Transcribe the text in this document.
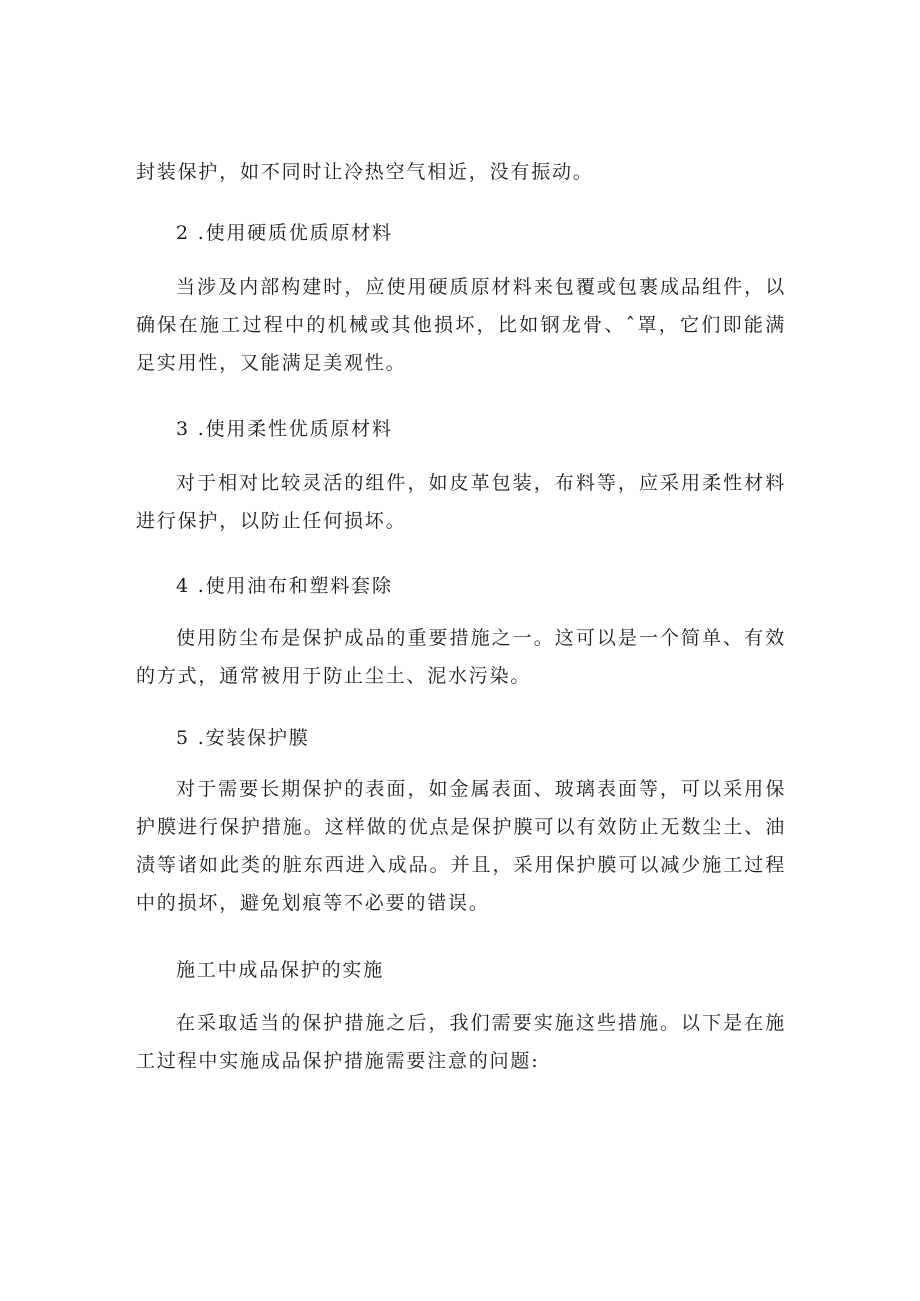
封装保护，如不同时让冷热空气相近，没有振动。

2 .使用硬质优质原材料

当涉及内部构建时，应使用硬质原材料来包覆或包裹成品组件，以确保在施工过程中的机械或其他损坏，比如钢龙骨、ˆ罩，它们即能满足实用性，又能满足美观性。

3 .使用柔性优质原材料

对于相对比较灵活的组件，如皮革包装，布料等，应采用柔性材料进行保护，以防止任何损坏。

4 .使用油布和塑料套除

使用防尘布是保护成品的重要措施之一。这可以是一个简单、有效的方式，通常被用于防止尘土、泥水污染。

5 .安装保护膜

对于需要长期保护的表面，如金属表面、玻璃表面等，可以采用保护膜进行保护措施。这样做的优点是保护膜可以有效防止无数尘土、油渍等诸如此类的脏东西进入成品。并且，采用保护膜可以减少施工过程中的损坏，避免划痕等不必要的错误。

施工中成品保护的实施

在采取适当的保护措施之后，我们需要实施这些措施。以下是在施工过程中实施成品保护措施需要注意的问题:
